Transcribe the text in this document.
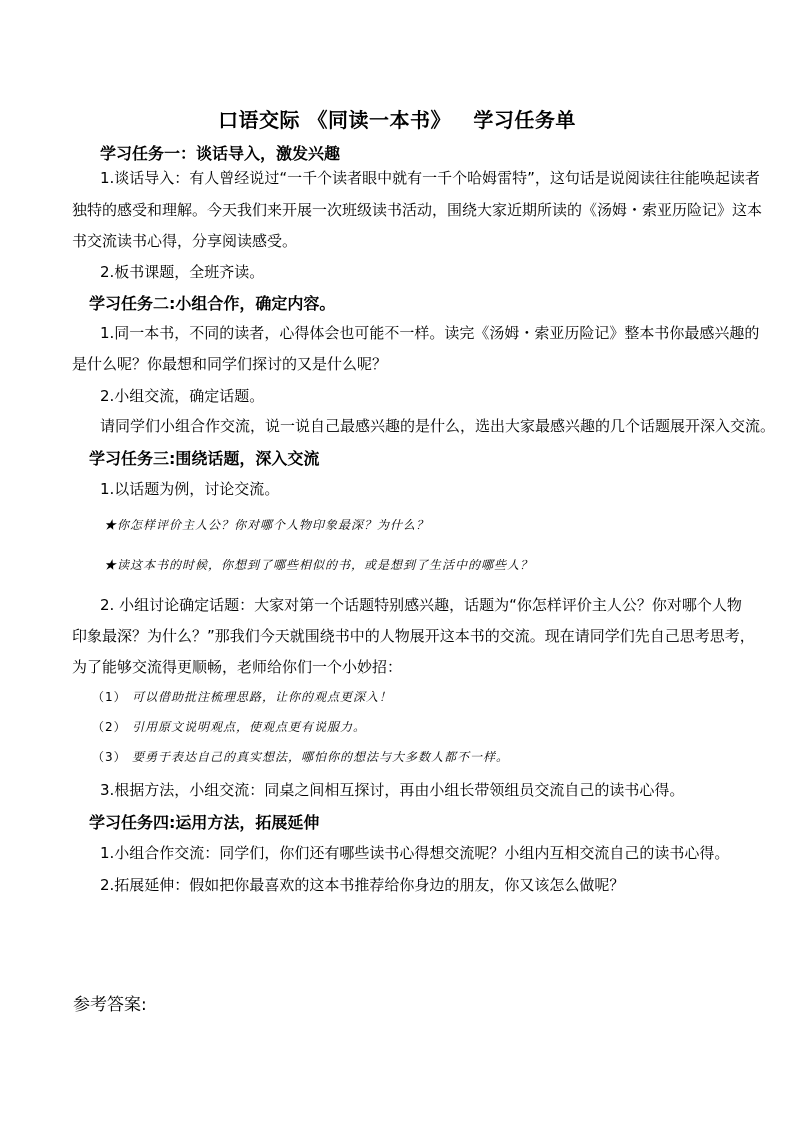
口语交际 《同读一本书》   学习任务单
学习任务一：谈话导入，激发兴趣
1.谈话导入：有人曾经说过“一千个读者眼中就有一千个哈姆雷特”，这句话是说阅读往往能唤起读者
独特的感受和理解。今天我们来开展一次班级读书活动，围绕大家近期所读的《汤姆・索亚历险记》这本
书交流读书心得，分享阅读感受。
2.板书课题，全班齐读。
学习任务二:小组合作，确定内容。
1.同一本书，不同的读者，心得体会也可能不一样。读完《汤姆・索亚历险记》整本书你最感兴趣的
是什么呢？你最想和同学们探讨的又是什么呢？
2.小组交流，确定话题。
请同学们小组合作交流，说一说自己最感兴趣的是什么，选出大家最感兴趣的几个话题展开深入交流。
学习任务三:围绕话题，深入交流
1.以话题为例，讨论交流。
★你怎样评价主人公？你对哪个人物印象最深？为什么？
★读这本书的时候，你想到了哪些相似的书，或是想到了生活中的哪些人？
2. 小组讨论确定话题：大家对第一个话题特别感兴趣，话题为“你怎样评价主人公？你对哪个人物
印象最深？为什么？”那我们今天就围绕书中的人物展开这本书的交流。现在请同学们先自己思考思考，
为了能够交流得更顺畅，老师给你们一个小妙招：
（1） 可以借助批注梳理思路，让你的观点更深入！
（2） 引用原文说明观点，使观点更有说服力。
（3） 要勇于表达自己的真实想法，哪怕你的想法与大多数人都不一样。
3.根据方法，小组交流：同桌之间相互探讨，再由小组长带领组员交流自己的读书心得。
学习任务四:运用方法，拓展延伸
1.小组合作交流：同学们，你们还有哪些读书心得想交流呢？小组内互相交流自己的读书心得。
2.拓展延伸：假如把你最喜欢的这本书推荐给你身边的朋友，你又该怎么做呢？
参考答案:
